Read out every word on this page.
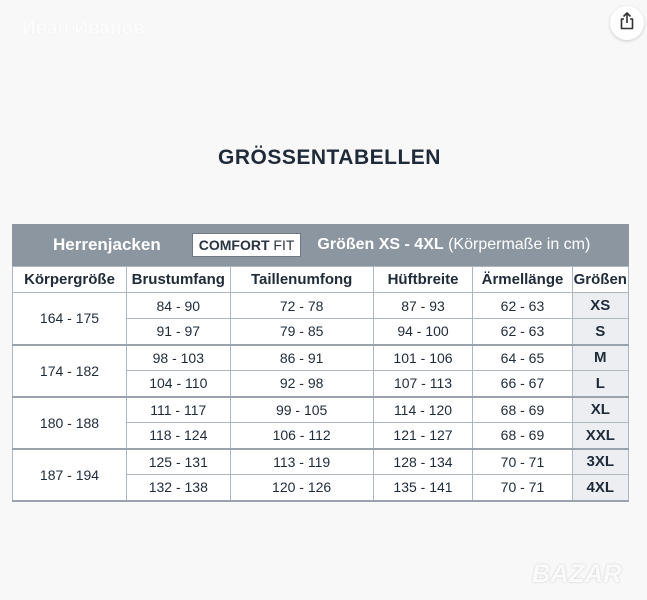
Иван Иванов
GRÖSSENTABELLEN
Herrenjacken	COMFORT FIT	Größen XS - 4XL (Körpermaße in cm)
Körpergröße	Brustumfang	Taillenumfong	Hüftbreite	Ärmellänge	Größen
164 - 175	84 - 90	72 - 78	87 - 93	62 - 63	XS
	91 - 97	79 - 85	94 - 100	62 - 63	S
174 - 182	98 - 103	86 - 91	101 - 106	64 - 65	M
	104 - 110	92 - 98	107 - 113	66 - 67	L
180 - 188	111 - 117	99 - 105	114 - 120	68 - 69	XL
	118 - 124	106 - 112	121 - 127	68 - 69	XXL
187 - 194	125 - 131	113 - 119	128 - 134	70 - 71	3XL
	132 - 138	120 - 126	135 - 141	70 - 71	4XL
BAZAR
